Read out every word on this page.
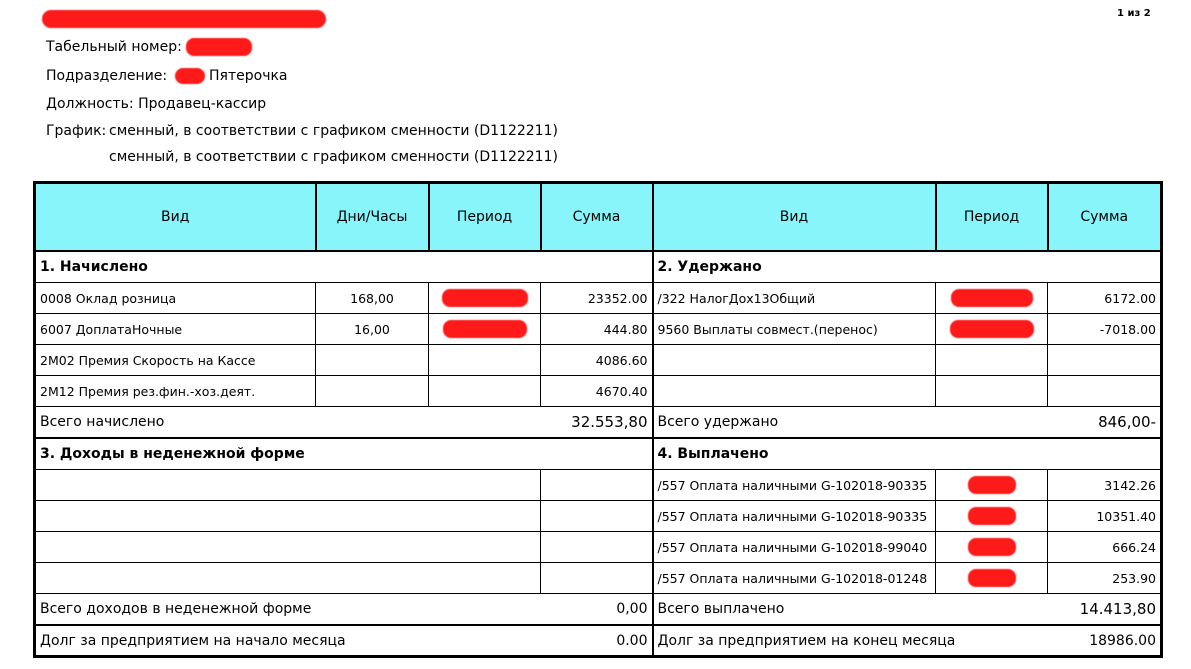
1 из 2
Табельный номер:
Подразделение:	Пятерочка
Должность: Продавец-кассир
График: сменный, в соответствии с графиком сменности (D1122211)
сменный, в соответствии с графиком сменности (D1122211)
Вид	Дни/Часы	Период	Сумма	Вид	Период	Сумма
1. Начислено				2. Удержано		
0008 Оклад розница	168,00		23352.00	/322 НалогДох13Общий		6172.00
6007 ДоплатаНочные	16,00		444.80	9560 Выплаты совмест.(перенос)		-7018.00
2М02 Премия Скорость на Кассе			4086.60			
2М12 Премия рез.фин.-хоз.деят.			4670.40			
Всего начислено		32.553,80		Всего удержано		846,00-
3. Доходы в неденежной форме				4. Выплачено		
				/557 Оплата наличными G-102018-90335		3142.26
				/557 Оплата наличными G-102018-90335		10351.40
				/557 Оплата наличными G-102018-99040		666.24
				/557 Оплата наличными G-102018-01248		253.90
Всего доходов в неденежной форме		0,00		Всего выплачено		14.413,80
Долг за предприятием на начало месяца		0.00		Долг за предприятием на конец месяца		18986.00
